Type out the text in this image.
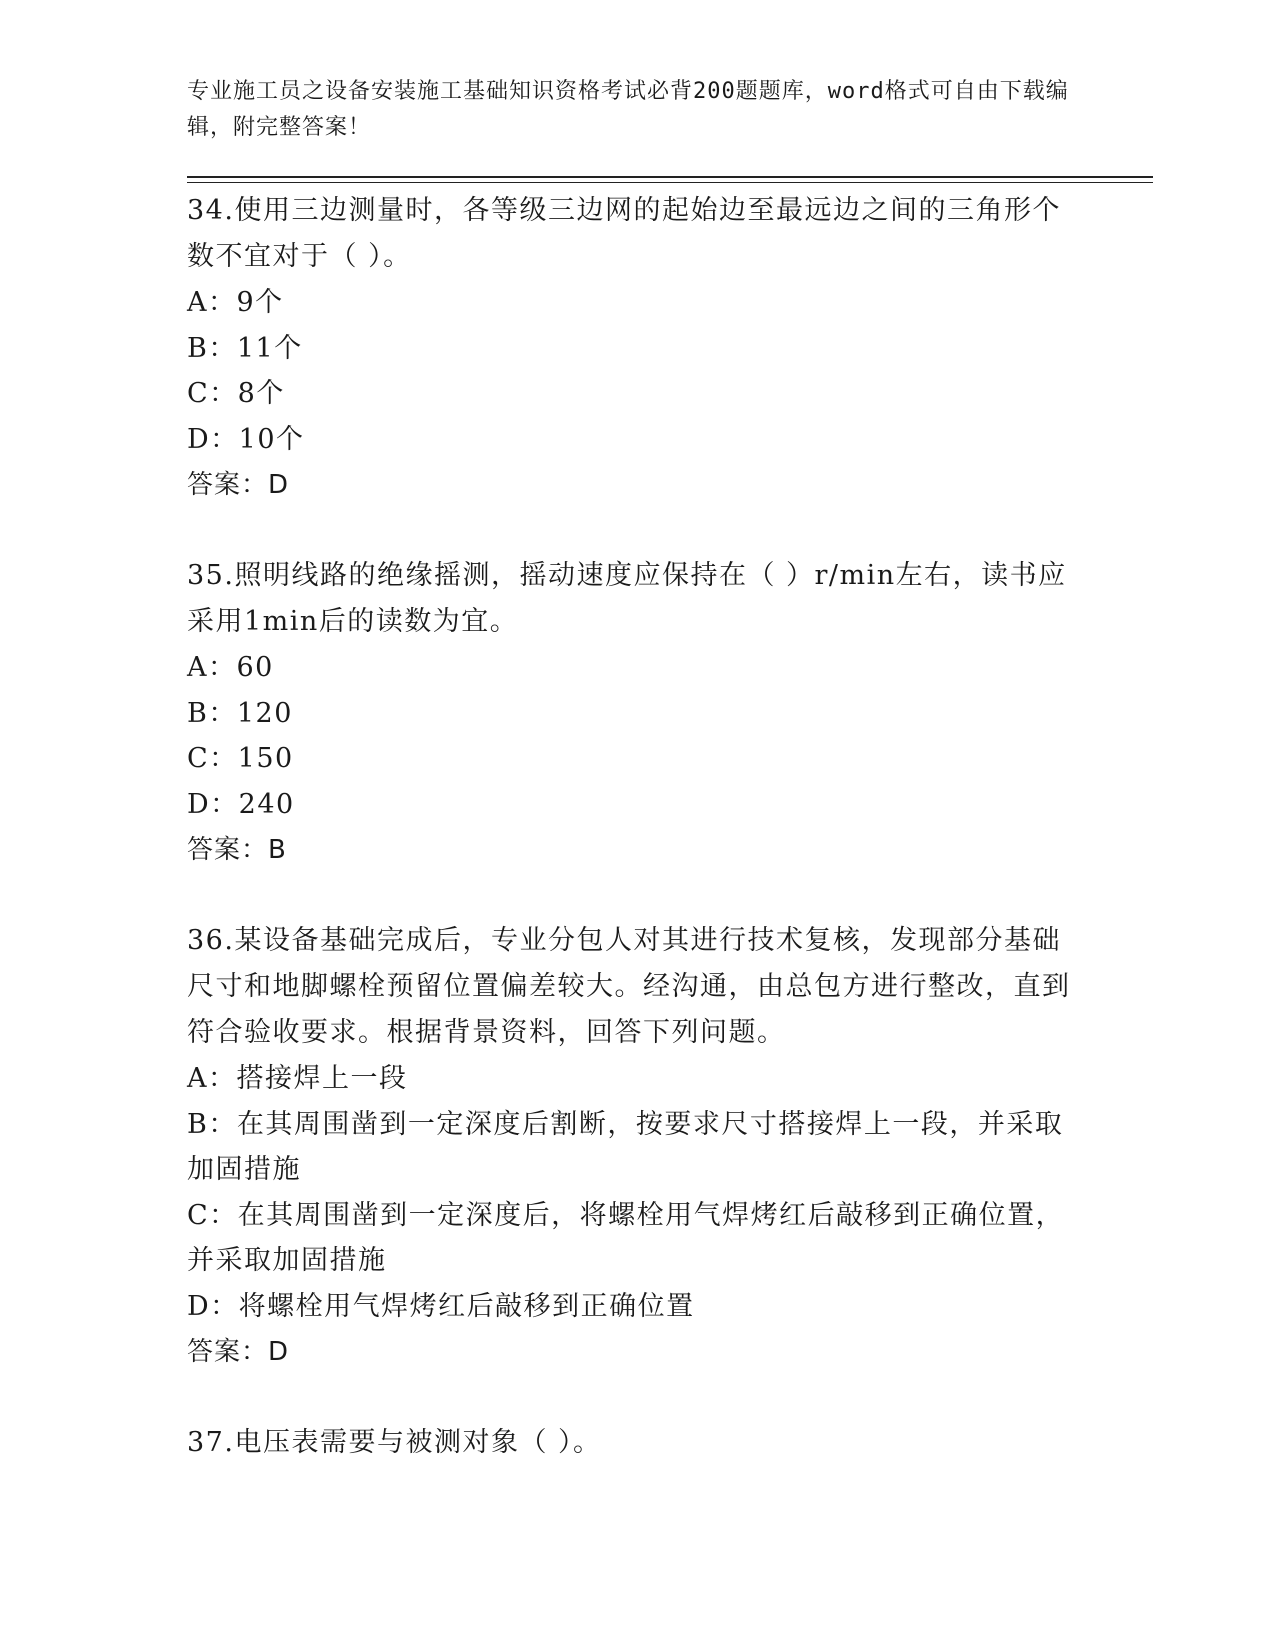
专业施工员之设备安装施工基础知识资格考试必背200题题库，word格式可自由下载编辑，附完整答案！

34.使用三边测量时，各等级三边网的起始边至最远边之间的三角形个数不宜对于（ ）。

A：9个

B：11个

C：8个

D：10个

答案：D

35.照明线路的绝缘摇测，摇动速度应保持在（ ）r/min左右，读书应采用1min后的读数为宜。

A：60

B：120

C：150

D：240

答案：B

36.某设备基础完成后，专业分包人对其进行技术复核，发现部分基础尺寸和地脚螺栓预留位置偏差较大。经沟通，由总包方进行整改，直到符合验收要求。根据背景资料，回答下列问题。

A：搭接焊上一段

B：在其周围凿到一定深度后割断，按要求尺寸搭接焊上一段，并采取加固措施

C：在其周围凿到一定深度后，将螺栓用气焊烤红后敲移到正确位置，并采取加固措施

D：将螺栓用气焊烤红后敲移到正确位置

答案：D

37.电压表需要与被测对象（ ）。
